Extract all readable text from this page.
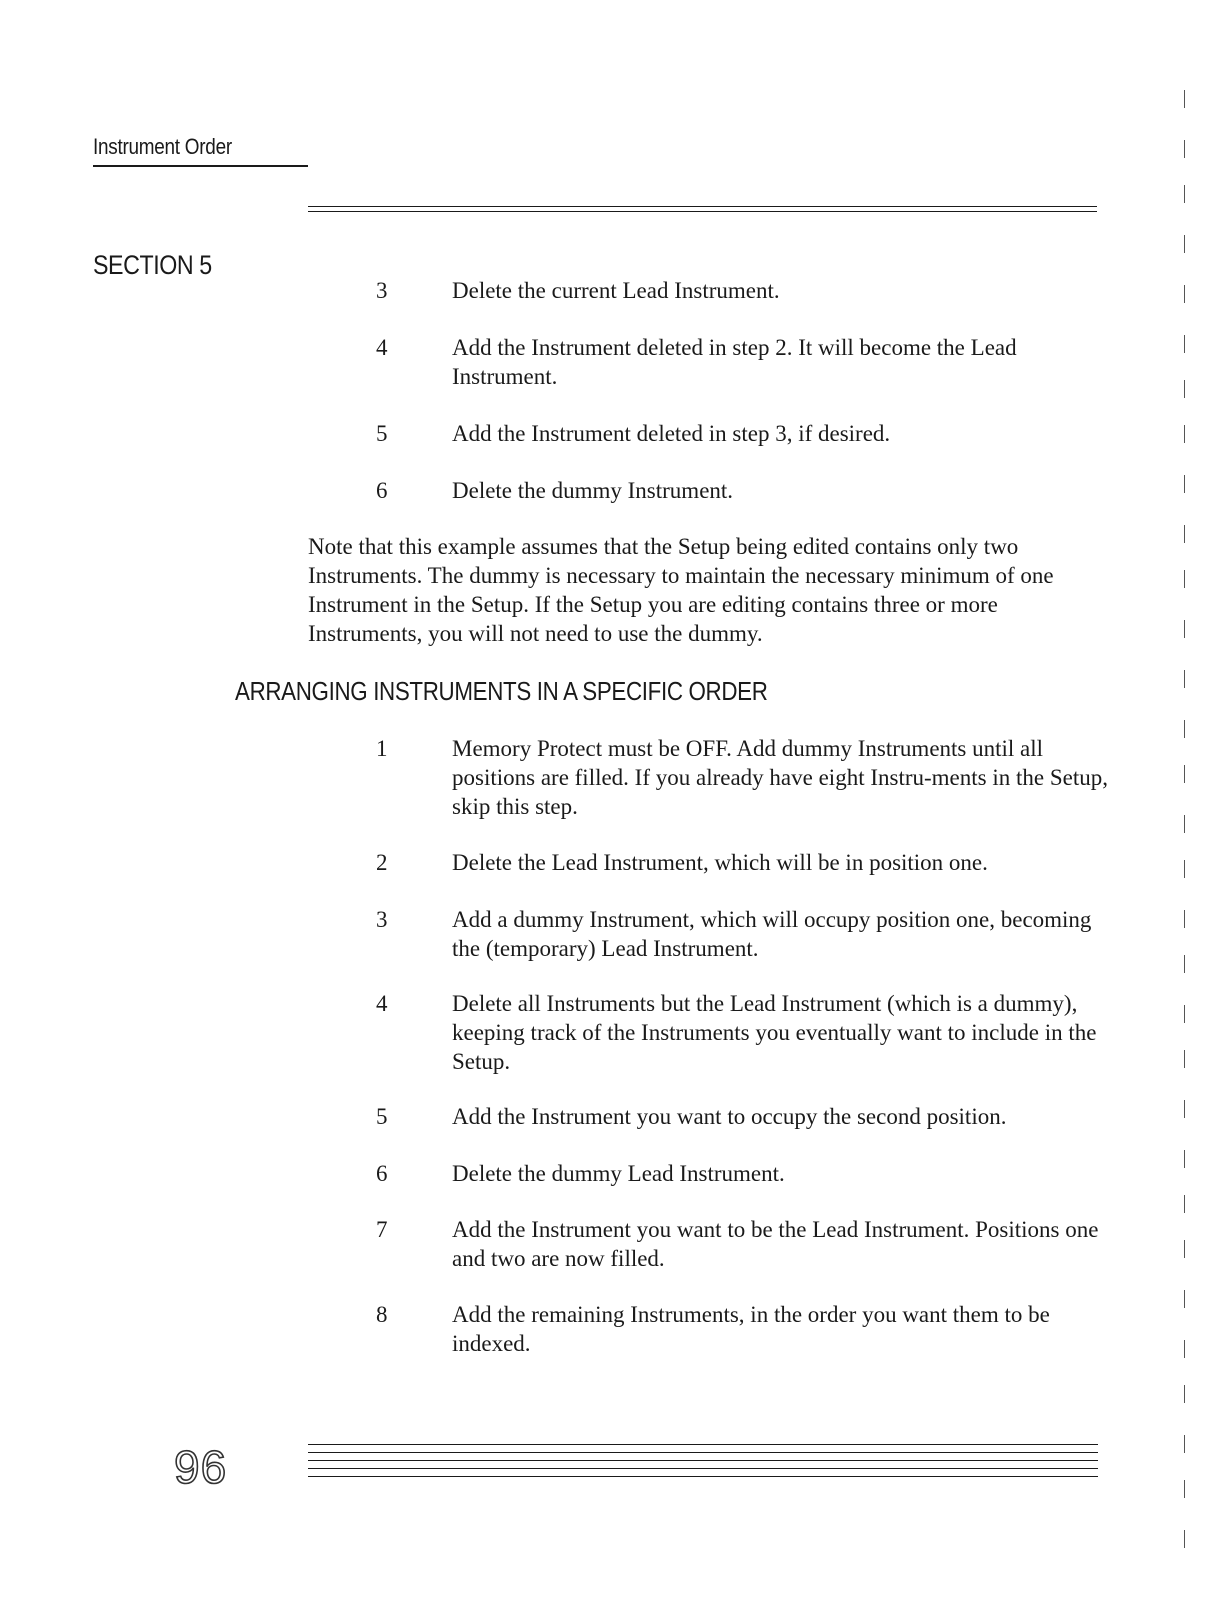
Instrument Order
SECTION 5
3	Delete the current Lead Instrument.
4	Add the Instrument deleted in step 2. It will become the Lead Instrument.
5	Add the Instrument deleted in step 3, if desired.
6	Delete the dummy Instrument.
Note that this example assumes that the Setup being edited contains only two Instruments. The dummy is necessary to maintain the necessary minimum of one Instrument in the Setup. If the Setup you are editing contains three or more Instruments, you will not need to use the dummy.
ARRANGING INSTRUMENTS IN A SPECIFIC ORDER
1	Memory Protect must be OFF. Add dummy Instruments until all positions are filled. If you already have eight Instru-ments in the Setup, skip this step.
2	Delete the Lead Instrument, which will be in position one.
3	Add a dummy Instrument, which will occupy position one, becoming the (temporary) Lead Instrument.
4	Delete all Instruments but the Lead Instrument (which is a dummy), keeping track of the Instruments you eventually want to include in the Setup.
5	Add the Instrument you want to occupy the second position.
6	Delete the dummy Lead Instrument.
7	Add the Instrument you want to be the Lead Instrument. Positions one and two are now filled.
8	Add the remaining Instruments, in the order you want them to be indexed.
96
